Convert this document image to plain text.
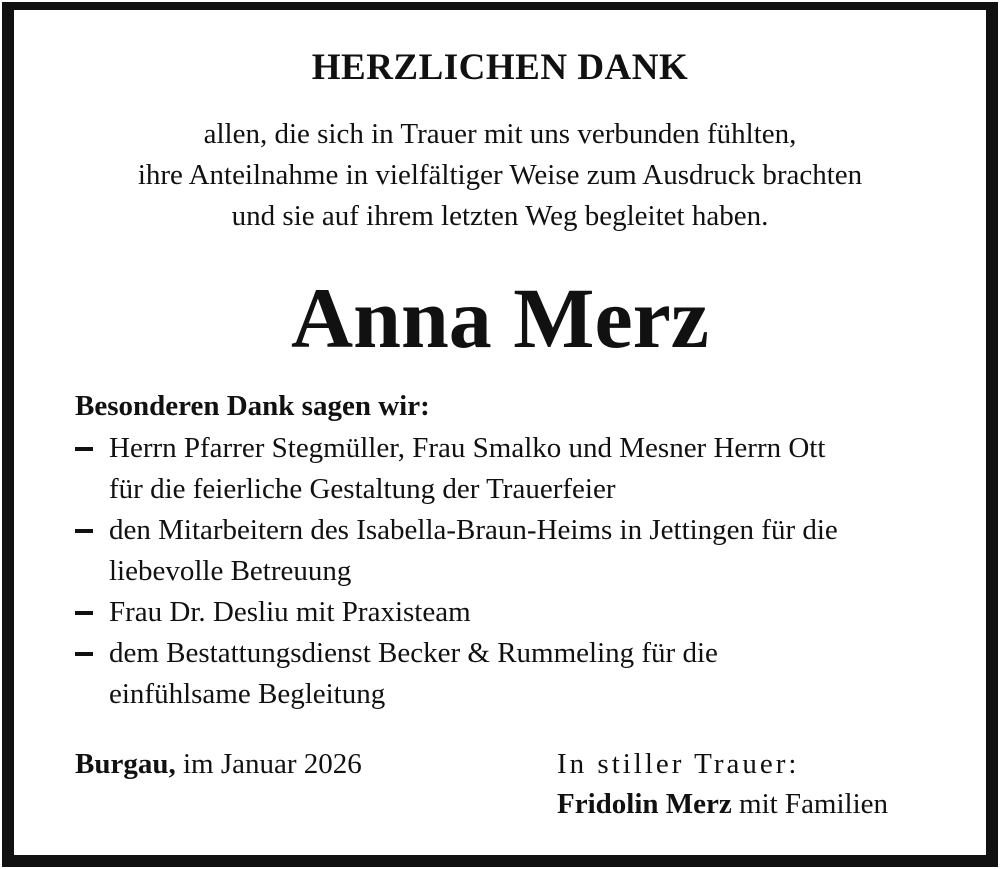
HERZLICHEN DANK
allen, die sich in Trauer mit uns verbunden fühlten,
ihre Anteilnahme in vielfältiger Weise zum Ausdruck brachten
und sie auf ihrem letzten Weg begleitet haben.
Anna Merz
Besonderen Dank sagen wir:
Herrn Pfarrer Stegmüller, Frau Smalko und Mesner Herrn Ott
für die feierliche Gestaltung der Trauerfeier
den Mitarbeitern des Isabella-Braun-Heims in Jettingen für die
liebevolle Betreuung
Frau Dr. Desliu mit Praxisteam
dem Bestattungsdienst Becker & Rummeling für die
einfühlsame Begleitung
Burgau, im Januar 2026	In stiller Trauer:
Fridolin Merz mit Familien
